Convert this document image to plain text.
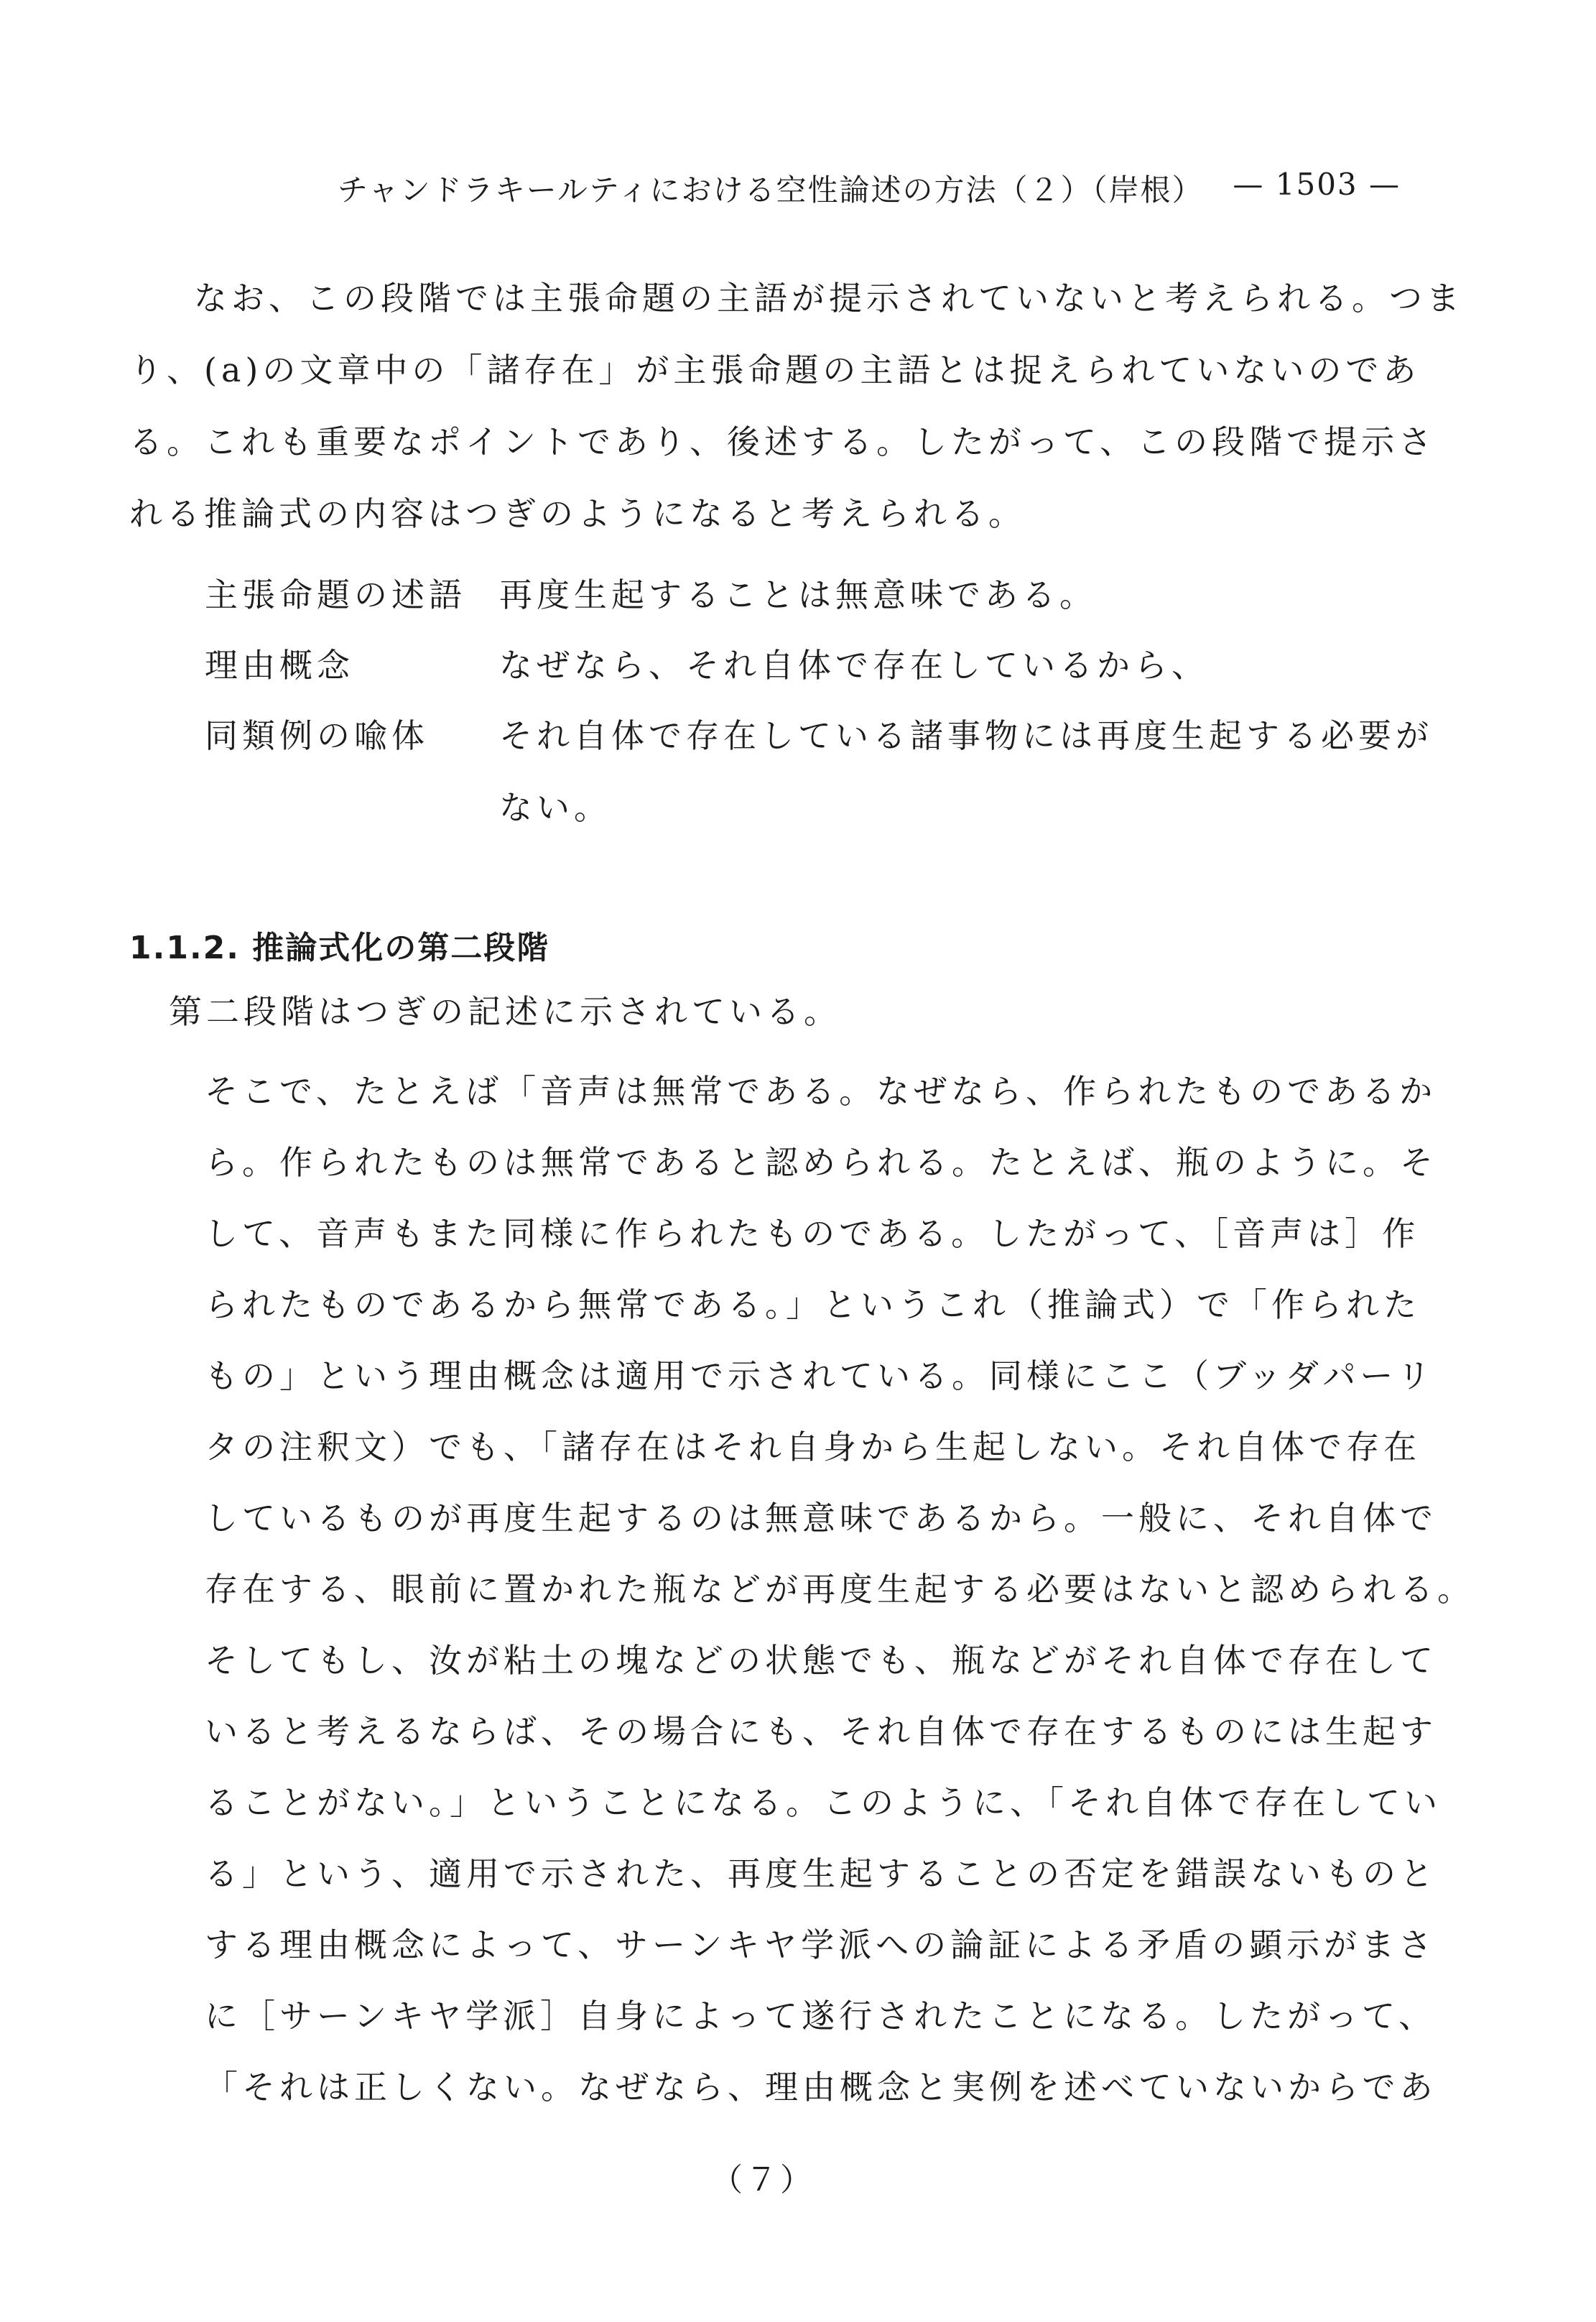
チャンドラキールティにおける空性論述の方法（２）（岸根） — 1503 —
なお、この段階では主張命題の主語が提示されていないと考えられる。つま
り、(a)の文章中の「諸存在」が主張命題の主語とは捉えられていないのであ
る。これも重要なポイントであり、後述する。したがって、この段階で提示さ
れる推論式の内容はつぎのようになると考えられる。
主張命題の述語 再度生起することは無意味である。
理由概念	なぜなら、それ自体で存在しているから、
同類例の喩体 それ自体で存在している諸事物には再度生起する必要が
ない。
1.1.2. 推論式化の第二段階
第二段階はつぎの記述に示されている。
そこで、たとえば「音声は無常である。なぜなら、作られたものであるか
ら。作られたものは無常であると認められる。たとえば、瓶のように。そ
して、音声もまた同様に作られたものである。したがって、［音声は］作
られたものであるから無常である。」というこれ（推論式）で「作られた
もの」という理由概念は適用で示されている。同様にここ（ブッダパーリ
タの注釈文）でも、「諸存在はそれ自身から生起しない。それ自体で存在
しているものが再度生起するのは無意味であるから。一般に、それ自体で
存在する、眼前に置かれた瓶などが再度生起する必要はないと認められる。
そしてもし、汝が粘土の塊などの状態でも、瓶などがそれ自体で存在して
いると考えるならば、その場合にも、それ自体で存在するものには生起す
ることがない。」ということになる。このように、「それ自体で存在してい
る」という、適用で示された、再度生起することの否定を錯誤ないものと
する理由概念によって、サーンキヤ学派への論証による矛盾の顕示がまさ
に［サーンキヤ学派］自身によって遂行されたことになる。したがって、
「それは正しくない。なぜなら、理由概念と実例を述べていないからであ
（７）
